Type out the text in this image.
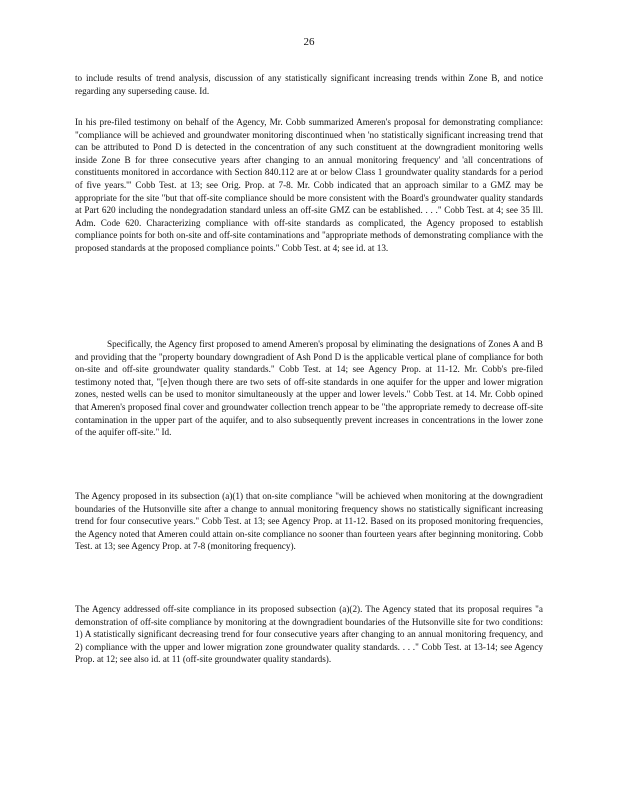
26
to include results of trend analysis, discussion of any statistically significant increasing trends within Zone B, and notice regarding any superseding cause. Id.
In his pre-filed testimony on behalf of the Agency, Mr. Cobb summarized Ameren's proposal for demonstrating compliance: "compliance will be achieved and groundwater monitoring discontinued when 'no statistically significant increasing trend that can be attributed to Pond D is detected in the concentration of any such constituent at the downgradient monitoring wells inside Zone B for three consecutive years after changing to an annual monitoring frequency' and 'all concentrations of constituents monitored in accordance with Section 840.112 are at or below Class 1 groundwater quality standards for a period of five years.'" Cobb Test. at 13; see Orig. Prop. at 7-8. Mr. Cobb indicated that an approach similar to a GMZ may be appropriate for the site "but that off-site compliance should be more consistent with the Board's groundwater quality standards at Part 620 including the nondegradation standard unless an off-site GMZ can be established. . . ." Cobb Test. at 4; see 35 Ill. Adm. Code 620. Characterizing compliance with off-site standards as complicated, the Agency proposed to establish compliance points for both on-site and off-site contaminations and "appropriate methods of demonstrating compliance with the proposed standards at the proposed compliance points." Cobb Test. at 4; see id. at 13.
Specifically, the Agency first proposed to amend Ameren's proposal by eliminating the designations of Zones A and B and providing that the "property boundary downgradient of Ash Pond D is the applicable vertical plane of compliance for both on-site and off-site groundwater quality standards." Cobb Test. at 14; see Agency Prop. at 11-12. Mr. Cobb's pre-filed testimony noted that, "[e]ven though there are two sets of off-site standards in one aquifer for the upper and lower migration zones, nested wells can be used to monitor simultaneously at the upper and lower levels." Cobb Test. at 14. Mr. Cobb opined that Ameren's proposed final cover and groundwater collection trench appear to be "the appropriate remedy to decrease off-site contamination in the upper part of the aquifer, and to also subsequently prevent increases in concentrations in the lower zone of the aquifer off-site." Id.
The Agency proposed in its subsection (a)(1) that on-site compliance "will be achieved when monitoring at the downgradient boundaries of the Hutsonville site after a change to annual monitoring frequency shows no statistically significant increasing trend for four consecutive years." Cobb Test. at 13; see Agency Prop. at 11-12. Based on its proposed monitoring frequencies, the Agency noted that Ameren could attain on-site compliance no sooner than fourteen years after beginning monitoring. Cobb Test. at 13; see Agency Prop. at 7-8 (monitoring frequency).
The Agency addressed off-site compliance in its proposed subsection (a)(2). The Agency stated that its proposal requires "a demonstration of off-site compliance by monitoring at the downgradient boundaries of the Hutsonville site for two conditions: 1) A statistically significant decreasing trend for four consecutive years after changing to an annual monitoring frequency, and 2) compliance with the upper and lower migration zone groundwater quality standards. . . ." Cobb Test. at 13-14; see Agency Prop. at 12; see also id. at 11 (off-site groundwater quality standards).
